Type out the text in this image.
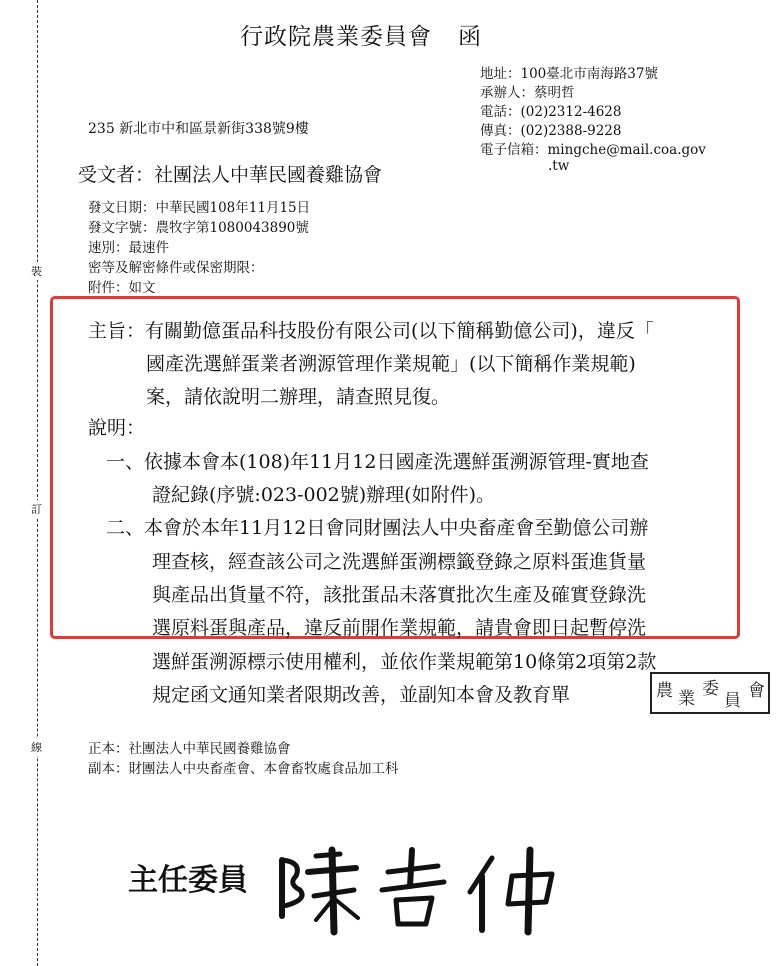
裝
訂
線
行政院農業委員會 函
地址：100臺北市南海路37號
承辦人：蔡明哲
電話：(02)2312-4628
傳真：(02)2388-9228
電子信箱：mingche@mail.coa.gov
.tw
235 新北市中和區景新街338號9樓
受文者：社團法人中華民國養雞協會
發文日期：中華民國108年11月15日
發文字號：農牧字第1080043890號
速別：最速件
密等及解密條件或保密期限：
附件：如文
主旨：有關勤億蛋品科技股份有限公司(以下簡稱勤億公司)，違反「
國產洗選鮮蛋業者溯源管理作業規範」(以下簡稱作業規範)
案，請依說明二辦理，請查照見復。
說明：
一、依據本會本(108)年11月12日國產洗選鮮蛋溯源管理-實地查
證紀錄(序號:023-002號)辦理(如附件)。
二、本會於本年11月12日會同財團法人中央畜產會至勤億公司辦
理查核，經查該公司之洗選鮮蛋溯標籤登錄之原料蛋進貨量
與產品出貨量不符，該批蛋品未落實批次生產及確實登錄洗
選原料蛋與產品，違反前開作業規範，請貴會即日起暫停洗
選鮮蛋溯源標示使用權利，並依作業規範第10條第2項第2款
規定函文通知業者限期改善，並副知本會及教育單	農 業 委
員 會
正本：社團法人中華民國養雞協會
副本：財團法人中央畜產會、本會畜牧處食品加工科
主任委員
